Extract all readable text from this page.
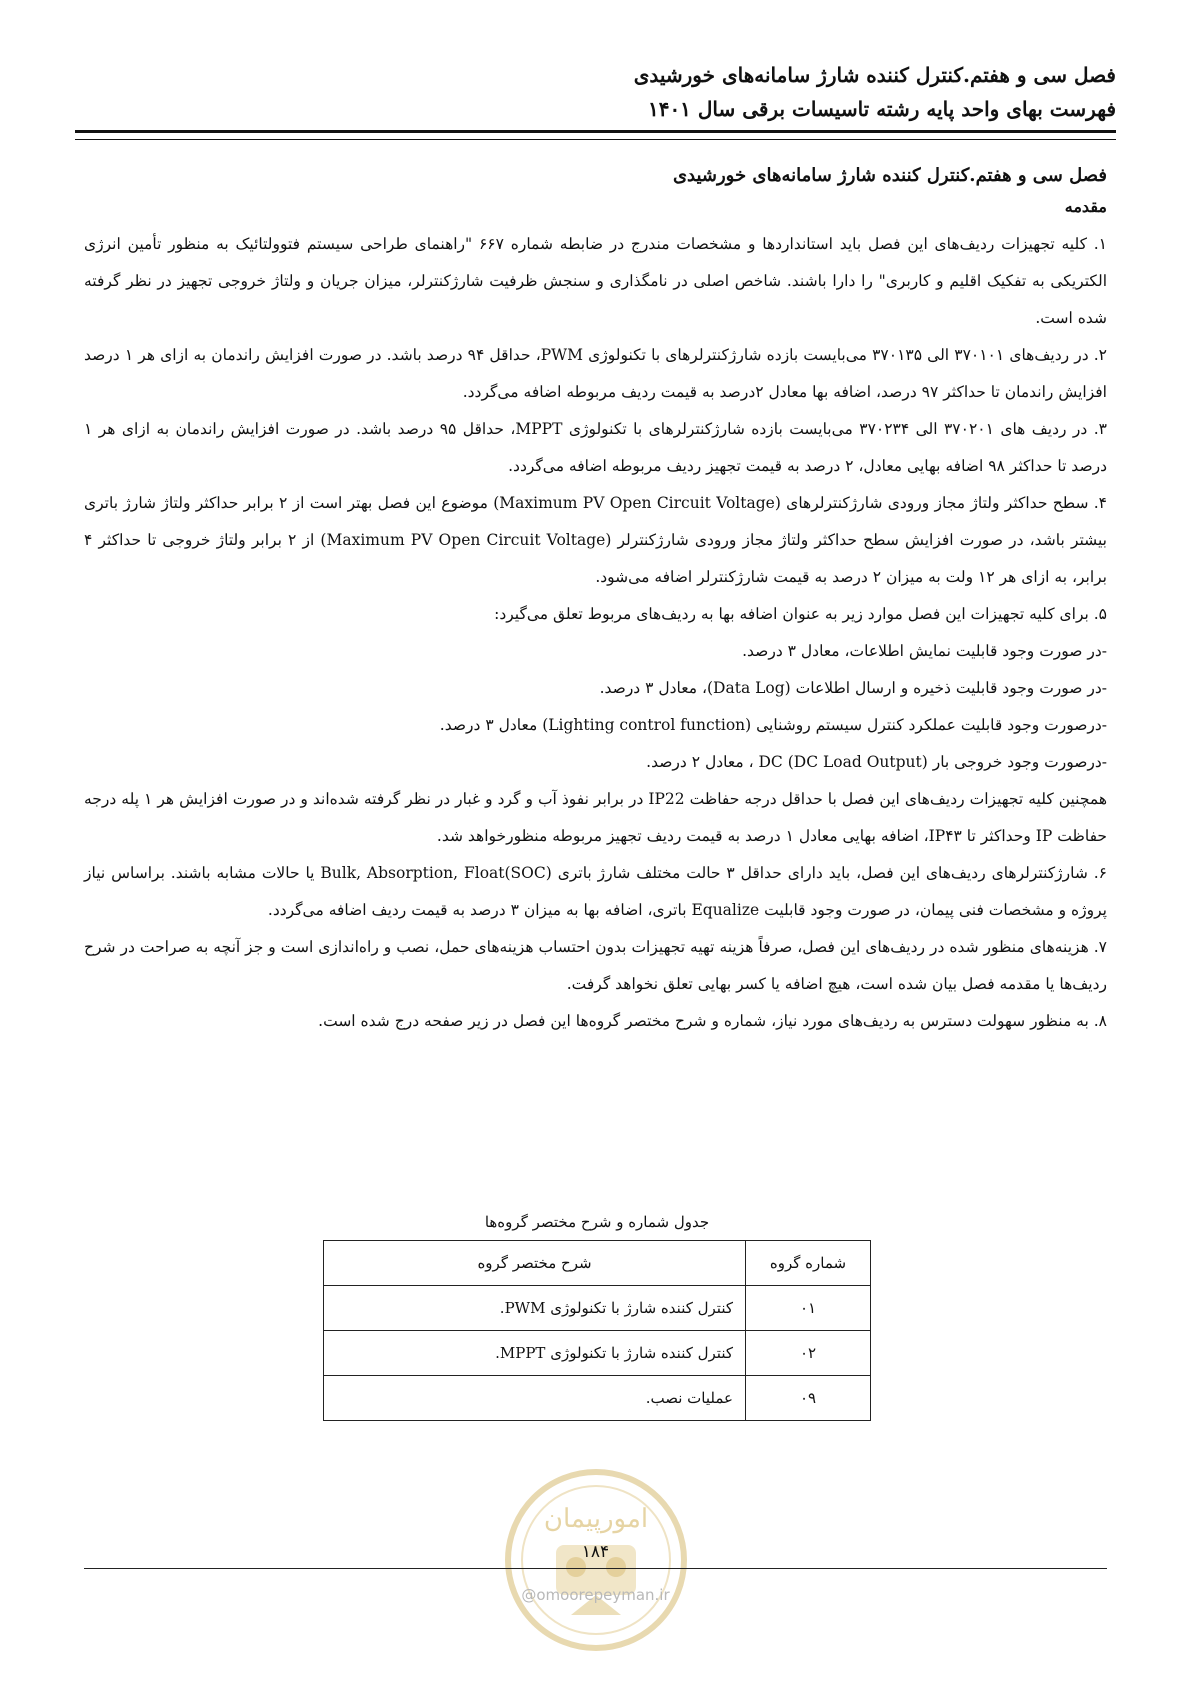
فصل سی و هفتم.کنترل کننده شارژ سامانه‌های خورشیدی
فهرست بهای واحد پایه رشته تاسیسات برقی سال ۱۴۰۱

فصل سی و هفتم.کنترل کننده شارژ سامانه‌های خورشیدی

مقدمه

۱. کلیه تجهیزات ردیف‌های این فصل باید استانداردها و مشخصات مندرج در ضابطه شماره ۶۶۷ "راهنمای طراحی سیستم فتوولتائیک به منظور تأمین انرژی الکتریکی به تفکیک اقلیم و کاربری" را دارا باشند. شاخص اصلی در نامگذاری و سنجش ظرفیت شارژکنترلر، میزان جریان و ولتاژ خروجی تجهیز در نظر گرفته شده است.

۲. در ردیف‌های ۳۷۰۱۰۱ الی ۳۷۰۱۳۵ می‌بایست بازده شارژکنترلرهای با تکنولوژی PWM، حداقل ۹۴ درصد باشد. در صورت افزایش راندمان به ازای هر ۱ درصد افزایش راندمان تا حداکثر ۹۷ درصد، اضافه بها معادل ۲درصد به قیمت ردیف مربوطه اضافه می‌گردد.

۳. در ردیف های ۳۷۰۲۰۱ الی ۳۷۰۲۳۴ می‌بایست بازده شارژکنترلرهای با تکنولوژی MPPT، حداقل ۹۵ درصد باشد. در صورت افزایش راندمان به ازای هر ۱ درصد تا حداکثر ۹۸ اضافه بهایی معادل، ۲ درصد به قیمت تجهیز ردیف مربوطه اضافه می‌گردد.

۴. سطح حداکثر ولتاژ مجاز ورودی شارژکنترلرهای (Maximum PV Open Circuit Voltage) موضوع این فصل بهتر است از ۲ برابر حداکثر ولتاژ شارژ باتری بیشتر باشد، در صورت افزایش سطح حداکثر ولتاژ مجاز ورودی شارژکنترلر (Maximum PV Open Circuit Voltage) از ۲ برابر ولتاژ خروجی تا حداکثر ۴ برابر، به ازای هر ۱۲ ولت به میزان ۲ درصد به قیمت شارژکنترلر اضافه می‌شود.

۵. برای کلیه تجهیزات این فصل موارد زیر به عنوان اضافه بها به ردیف‌های مربوط تعلق می‌گیرد:

-در صورت وجود قابلیت نمایش اطلاعات، معادل ۳ درصد.

-در صورت وجود قابلیت ذخیره و ارسال اطلاعات (Data Log)، معادل ۳ درصد.

-درصورت وجود قابلیت عملکرد کنترل سیستم روشنایی (Lighting control function) معادل ۳ درصد.

-درصورت وجود خروجی بار DC (DC Load Output) ، معادل ۲ درصد.

همچنین کلیه تجهیزات ردیف‌های این فصل با حداقل درجه حفاظت IP22 در برابر نفوذ آب و گرد و غبار در نظر گرفته شده‌اند و در صورت افزایش هر ۱ پله درجه حفاظت IP وحداکثر تا IP۴۳، اضافه بهایی معادل ۱ درصد به قیمت ردیف تجهیز مربوطه منظورخواهد شد.

۶. شارژکنترلرهای ردیف‌های این فصل، باید دارای حداقل ۳ حالت مختلف شارژ باتری (Bulk, Absorption, Float(SOC یا حالات مشابه باشند. براساس نیاز پروژه و مشخصات فنی پیمان، در صورت وجود قابلیت Equalize باتری، اضافه بها به میزان ۳ درصد به قیمت ردیف اضافه می‌گردد.

۷. هزینه‌های منظور شده در ردیف‌های این فصل، صرفاً هزینه تهیه تجهیزات بدون احتساب هزینه‌های حمل، نصب و راه‌اندازی است و جز آنچه به صراحت در شرح ردیف‌ها یا مقدمه فصل بیان شده است، هیچ اضافه یا کسر بهایی تعلق نخواهد گرفت.

۸. به منظور سهولت دسترس به ردیف‌های مورد نیاز، شماره و شرح مختصر گروه‌ها این فصل در زیر صفحه درج شده است.

جدول شماره و شرح مختصر گروه‌ها
شماره گروه	شرح مختصر گروه
۰۱	کنترل کننده شارژ با تکنولوژی PWM.
۰۲	کنترل کننده شارژ با تکنولوژی MPPT.
۰۹	عملیات نصب.
امورپیمان
۱۸۴
@omoorepeyman.ir
